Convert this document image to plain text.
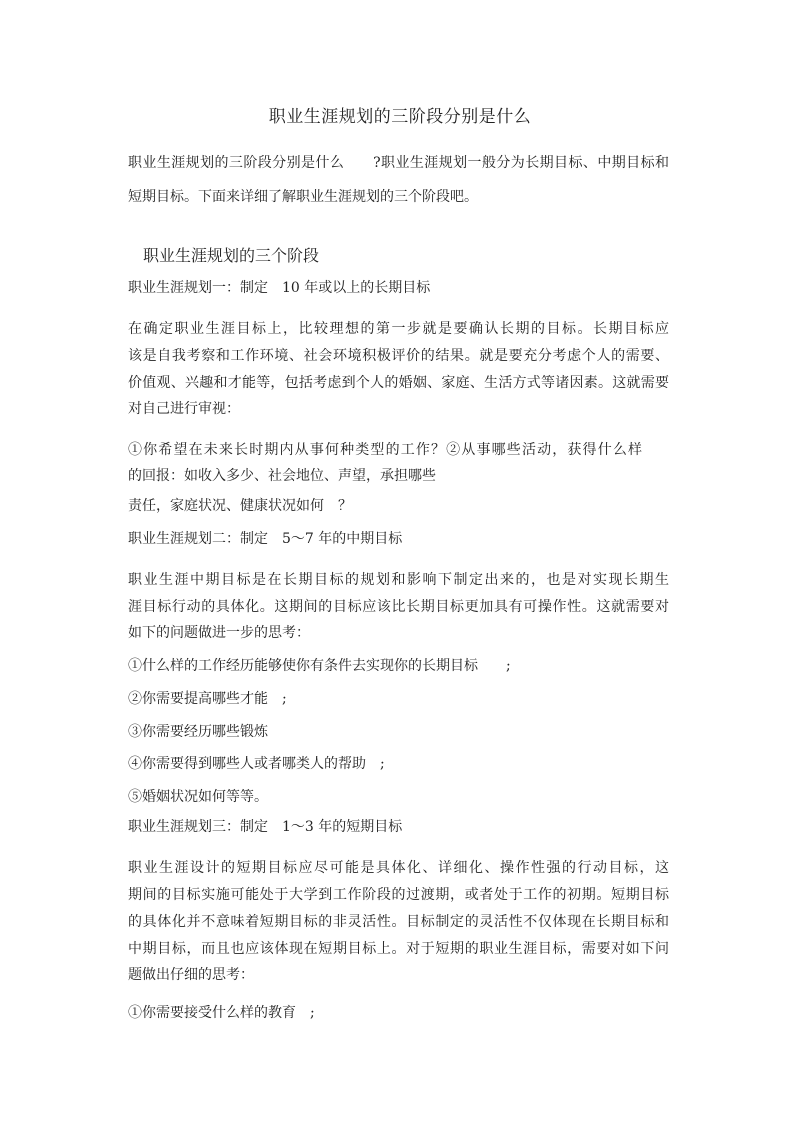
职业生涯规划的三阶段分别是什么
职业生涯规划的三阶段分别是什么　　?职业生涯规划一般分为长期目标、中期目标和
短期目标。下面来详细了解职业生涯规划的三个阶段吧。
职业生涯规划的三个阶段
职业生涯规划一：制定　10 年或以上的长期目标
在确定职业生涯目标上，比较理想的第一步就是要确认长期的目标。长期目标应
该是自我考察和工作环境、社会环境积极评价的结果。就是要充分考虑个人的需要、
价值观、兴趣和才能等，包括考虑到个人的婚姻、家庭、生活方式等诸因素。这就需要
对自己进行审视：
①你希望在未来长时期内从事何种类型的工作？②从事哪些活动，获得什么样
的回报：如收入多少、社会地位、声望，承担哪些
责任，家庭状况、健康状况如何　？
职业生涯规划二：制定　5～7 年的中期目标
职业生涯中期目标是在长期目标的规划和影响下制定出来的，也是对实现长期生
涯目标行动的具体化。这期间的目标应该比长期目标更加具有可操作性。这就需要对
如下的问题做进一步的思考：
①什么样的工作经历能够使你有条件去实现你的长期目标　　;
②你需要提高哪些才能　;
③你需要经历哪些锻炼
④你需要得到哪些人或者哪类人的帮助　;
⑤婚姻状况如何等等。
职业生涯规划三：制定　1～3 年的短期目标
职业生涯设计的短期目标应尽可能是具体化、详细化、操作性强的行动目标，这
期间的目标实施可能处于大学到工作阶段的过渡期，或者处于工作的初期。短期目标
的具体化并不意味着短期目标的非灵活性。目标制定的灵活性不仅体现在长期目标和
中期目标，而且也应该体现在短期目标上。对于短期的职业生涯目标，需要对如下问
题做出仔细的思考：
①你需要接受什么样的教育　;
